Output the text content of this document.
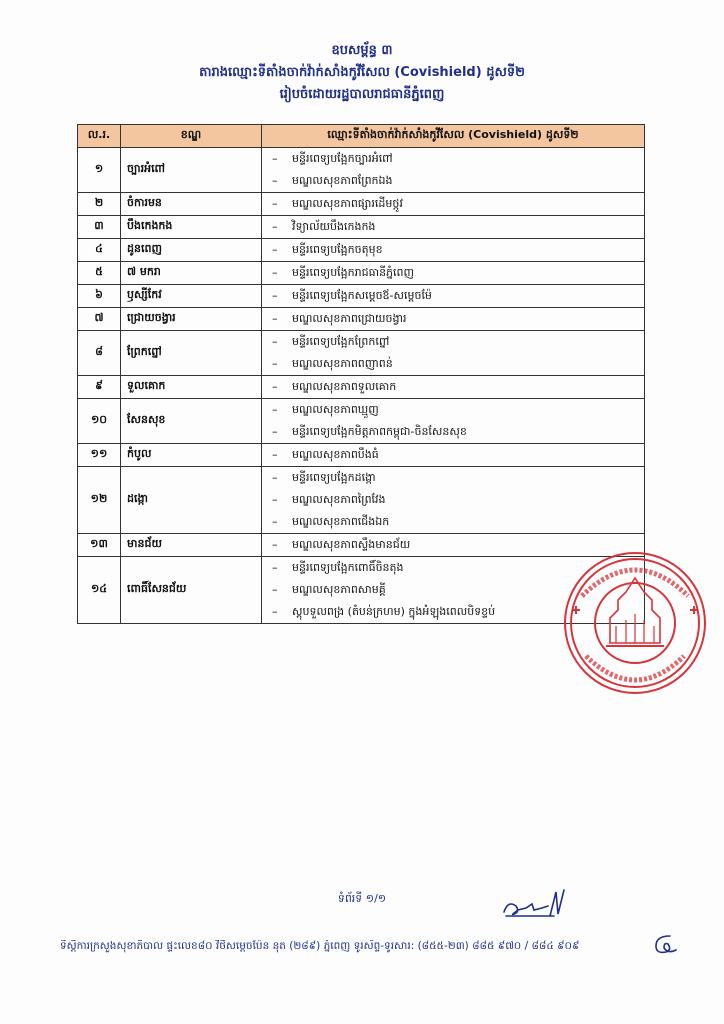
ឧបសម្ព័ន្ធ ៣
តារាងឈ្មោះទីតាំងចាក់វ៉ាក់សាំងកូវីសែល (Covishield) ដូសទី២
រៀបចំដោយរដ្ឋបាលរាជធានីភ្នំពេញ
ល.រ.	ខណ្ឌ	ឈ្មោះទីតាំងចាក់វ៉ាក់សាំងកូវីសែល (Covishield) ដូសទី២
១	ច្បារអំពៅ	– មន្ទីរពេទ្យបង្អែកច្បារអំពៅ
– មណ្ឌលសុខភាពព្រែកឯង

២	ចំការមន	– មណ្ឌលសុខភាពផ្សារដើមថ្កូវ

៣	បឹងកេងកង	– វិទ្យាល័យបឹងកេងកង

៤	ដូនពេញ	– មន្ទីរពេទ្យបង្អែកចតុមុខ

៥	៧ មករា	– មន្ទីរពេទ្យបង្អែករាជធានីភ្នំពេញ

៦	ឫស្សីកែវ	– មន្ទីរពេទ្យបង្អែកសម្តេចឪ-សម្តេចម៉ែ

៧	ជ្រោយចង្វារ	– មណ្ឌលសុខភាពជ្រោយចង្វារ

៨	ព្រែកព្នៅ	– មន្ទីរពេទ្យបង្អែកព្រែកព្នៅ
– មណ្ឌលសុខភាពពញាពន់

៩	ទួលគោក	– មណ្ឌលសុខភាពទួលគោក

១០	សែនសុខ	– មណ្ឌលសុខភាពឃ្មួញ
– មន្ទីរពេទ្យបង្អែកមិត្តភាពកម្ពុជា-ចិនសែនសុខ

១១	កំបូល	– មណ្ឌលសុខភាពបឹងធំ

១២	ដង្កោ	– មន្ទីរពេទ្យបង្អែកដង្កោ
– មណ្ឌលសុខភាពព្រៃវែង
– មណ្ឌលសុខភាពជើងឯក

១៣	មានជ័យ	– មណ្ឌលសុខភាពស្ទឹងមានជ័យ

១៤	ពោធិ៍សែនជ័យ	– មន្ទីរពេទ្យបង្អែកពោធិ៍ចិនតុង
– មណ្ឌលសុខភាពសាមគ្គី
– ស្តុបទួលពង្រ (តំបន់ក្រហម) ក្នុងអំឡុងពេលបិទខ្ទប់
ទំព័រទី ១/១
ទីស្តីការក្រសួងសុខាភិបាល ផ្ទះលេខ៨០ វិថីសម្តេចប៉ែន នុត (២៨៩) ភ្នំពេញ ទូរស័ព្ទ-ទូរសារ: (៨៥៥-២៣) ៨៨៥ ៩៧០ / ៨៨៤ ៩០៩
